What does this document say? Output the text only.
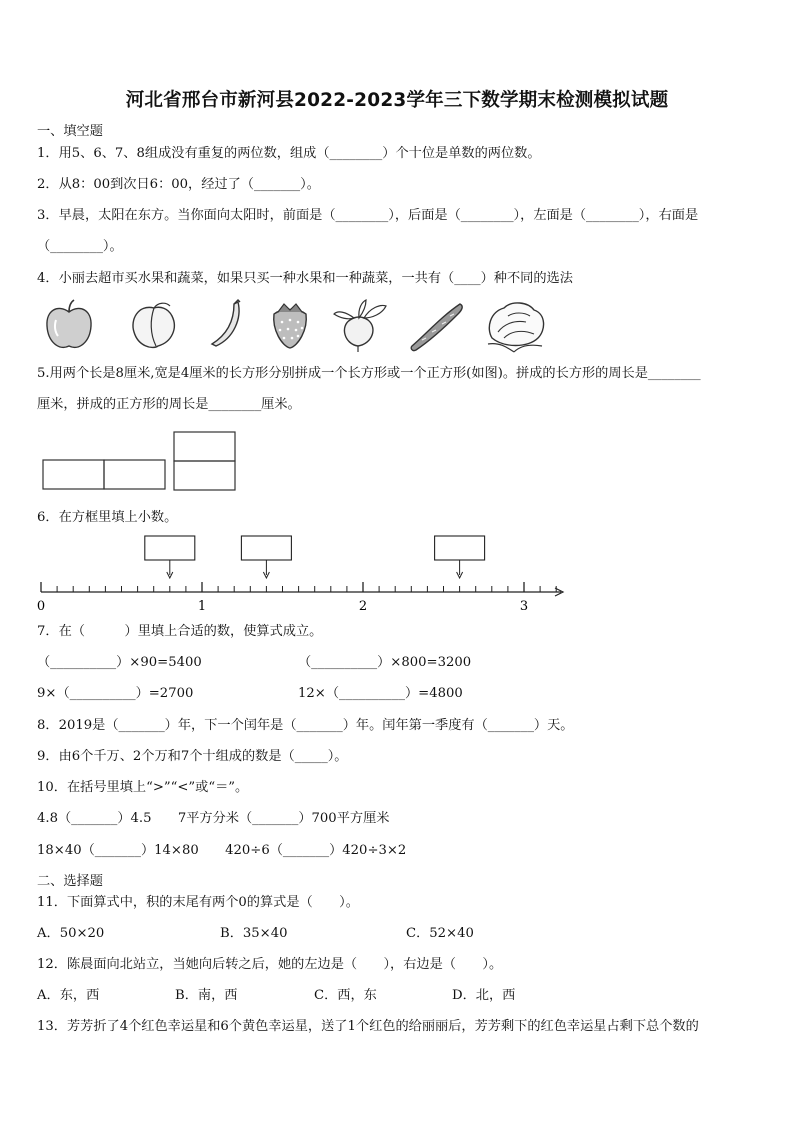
河北省邢台市新河县2022-2023学年三下数学期末检测模拟试题
一、填空题
1．用5、6、7、8组成没有重复的两位数，组成（________）个十位是单数的两位数。
2．从8：00到次日6：00，经过了（_______）。
3．早晨，太阳在东方。当你面向太阳时，前面是（________），后面是（________），左面是（________），右面是
（________）。
4．小丽去超市买水果和蔬菜，如果只买一种水果和一种蔬菜，一共有（____）种不同的选法
5.用两个长是8厘米,宽是4厘米的长方形分别拼成一个长方形或一个正方形(如图)。拼成的长方形的周长是________
厘米，拼成的正方形的周长是________厘米。
6．在方框里填上小数。
0	1	2	3
7．在（　　　）里填上合适的数，使算式成立。
（__________）×90=5400	（__________）×800=3200
9×（__________）=2700	12×（__________）=4800
8．2019是（_______）年，下一个闰年是（_______）年。闰年第一季度有（_______）天。
9．由6个千万、2个万和7个十组成的数是（_____）。
10．在括号里填上“>”“<”或“＝”。
4.8（_______）4.5　　7平方分米（_______）700平方厘米
18×40（_______）14×80　　420÷6（_______）420÷3×2
二、选择题
11．下面算式中，积的末尾有两个0的算式是（　　）。
A．50×20	B．35×40	C．52×40
12．陈晨面向北站立，当她向后转之后，她的左边是（　　），右边是（　　）。
A．东，西	B．南，西	C．西，东	D．北，西
13．芳芳折了4个红色幸运星和6个黄色幸运星，送了1个红色的给丽丽后，芳芳剩下的红色幸运星占剩下总个数的
